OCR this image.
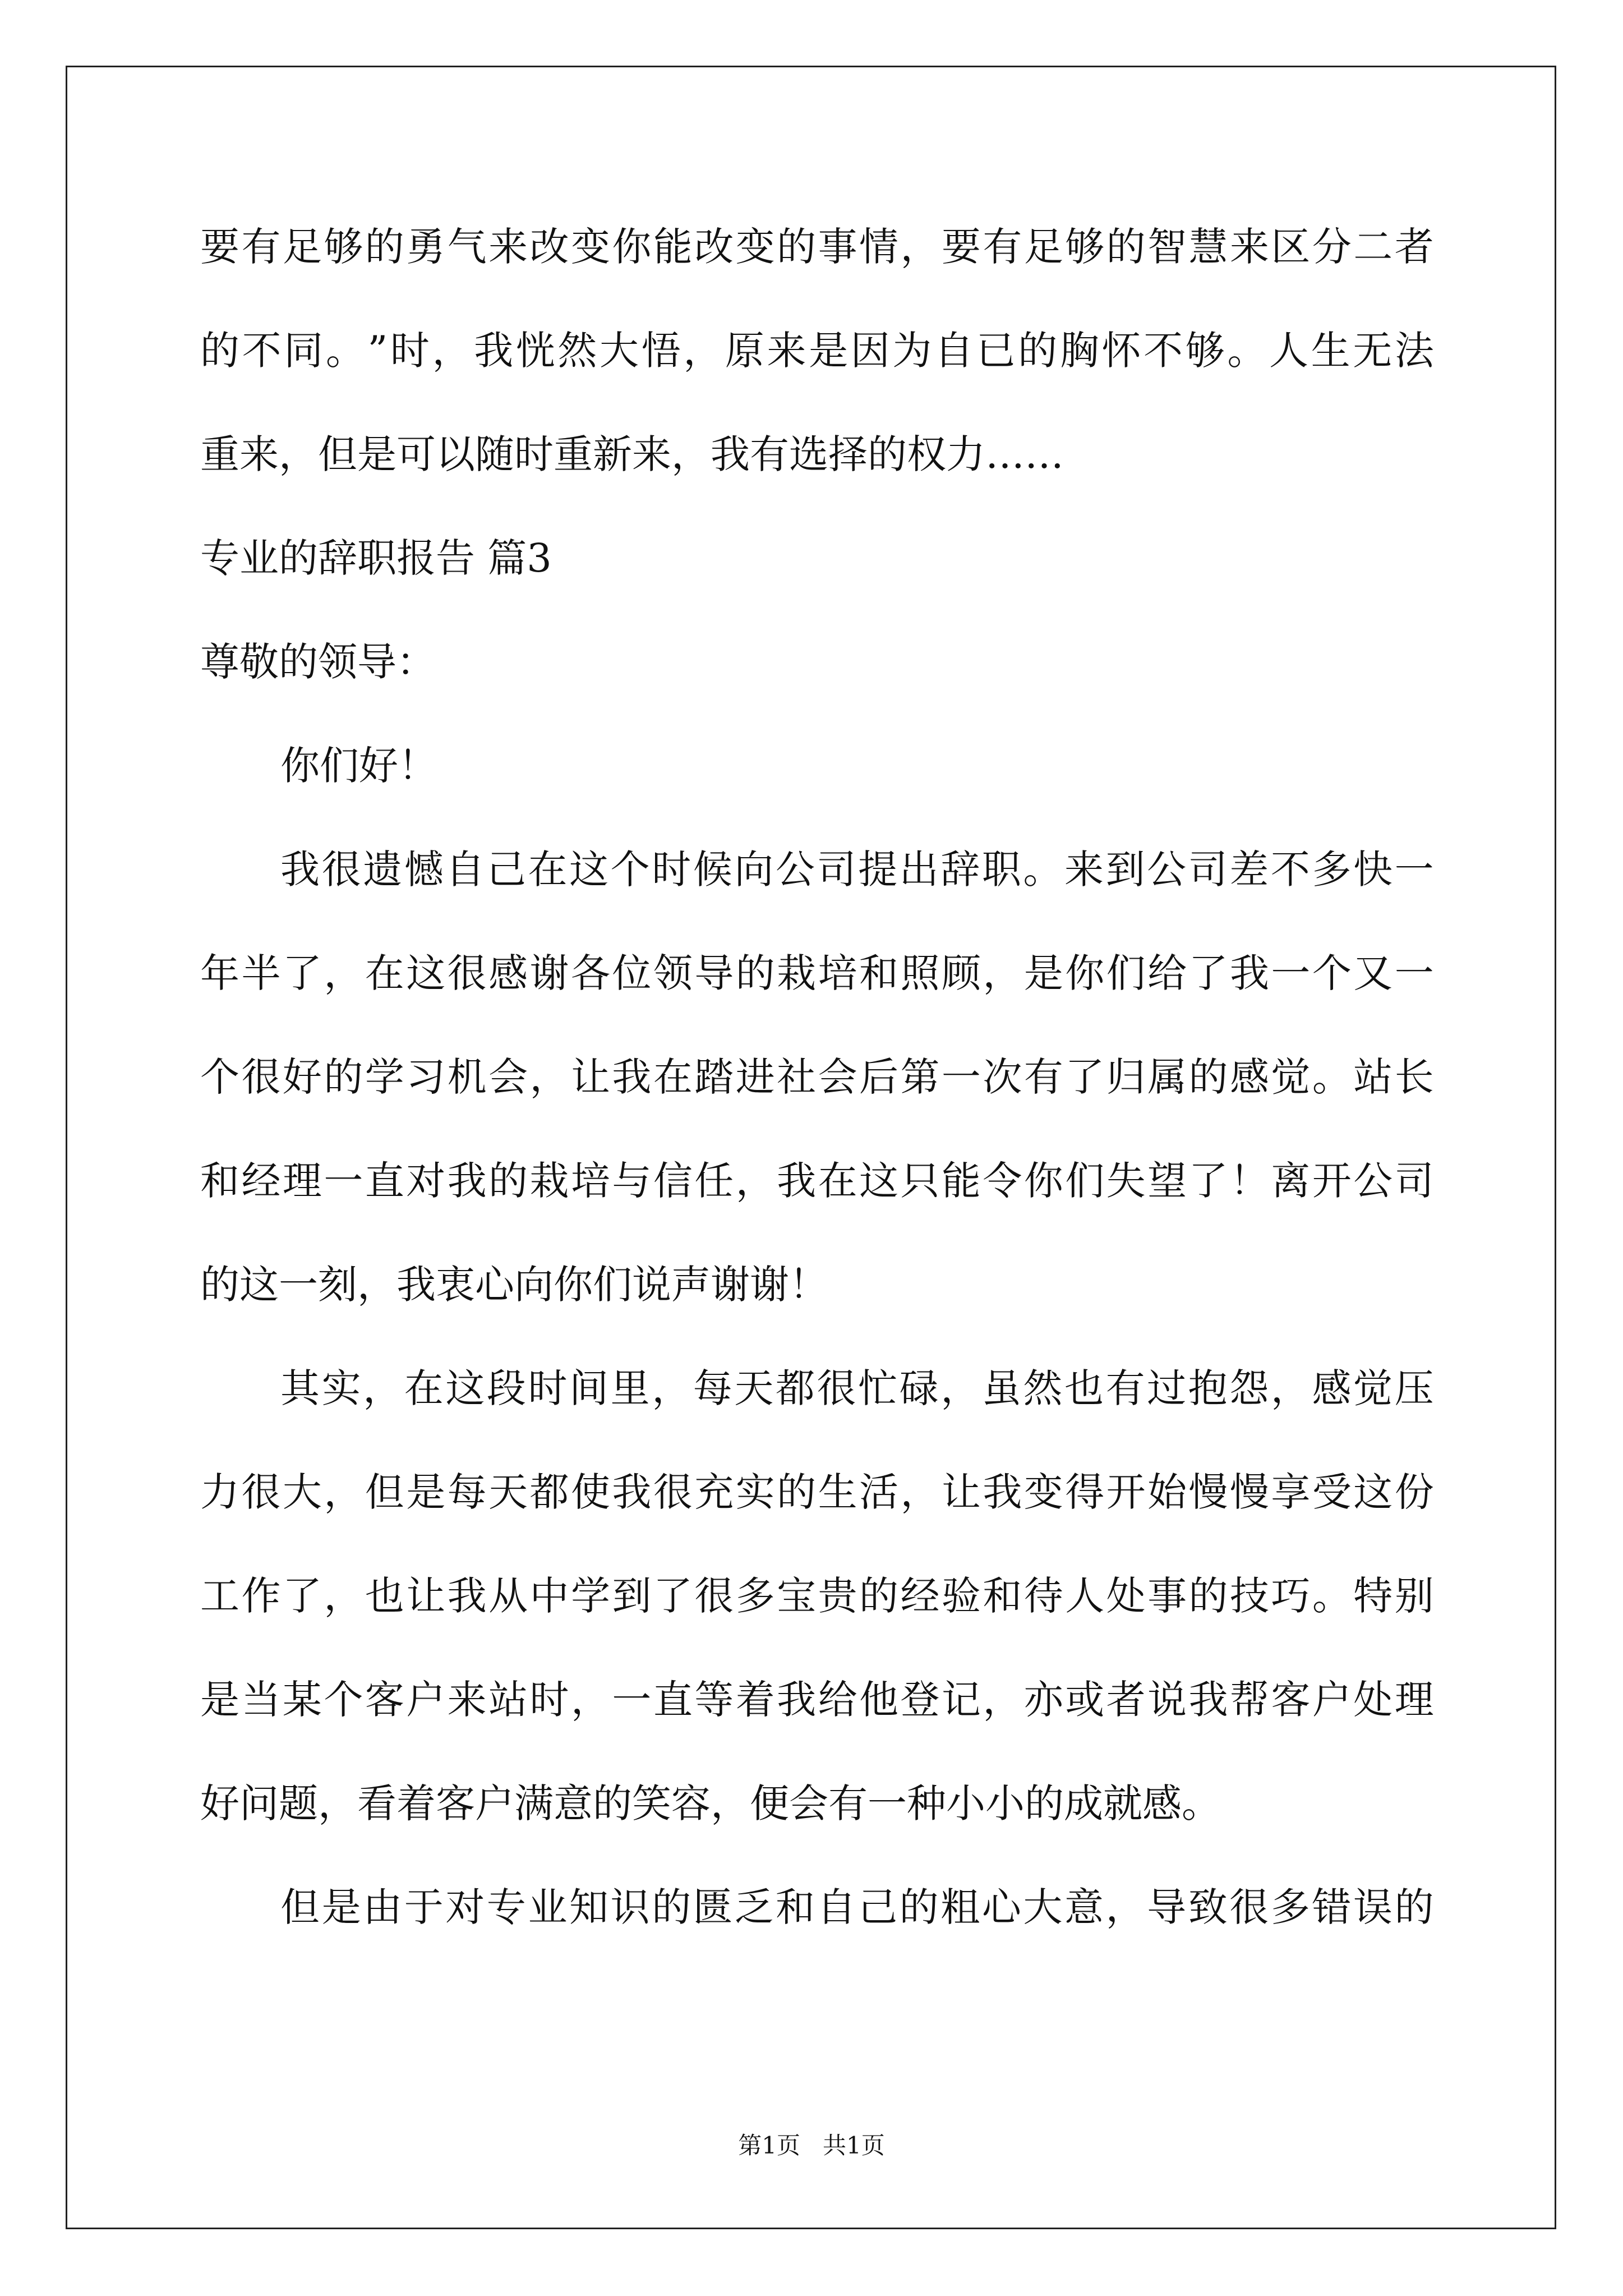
要 有 足 够 的 勇 气 来 改 变 你 能 改 变 的 事 情 ， 要 有 足 够 的 智 慧 来 区 分 二 者
的 不 同 。 ” 时 ， 我 恍 然 大 悟 ， 原 来 是 因 为 自 已 的 胸 怀 不 够 。 人 生 无 法
重来，但是可以随时重新来，我有选择的权力……
专业的辞职报告 篇3
尊敬的领导：
你们好！
我 很 遗 憾 自 己 在 这 个 时 候 向 公 司 提 出 辞 职 。 来 到 公 司 差 不 多 快 一
年 半 了 ， 在 这 很 感 谢 各 位 领 导 的 栽 培 和 照 顾 ， 是 你 们 给 了 我 一 个 又 一
个 很 好 的 学 习 机 会 ， 让 我 在 踏 进 社 会 后 第 一 次 有 了 归 属 的 感 觉 。 站 长
和 经 理 一 直 对 我 的 栽 培 与 信 任 ， 我 在 这 只 能 令 你 们 失 望 了 ！ 离 开 公 司
的这一刻，我衷心向你们说声谢谢！
其 实 ， 在 这 段 时 间 里 ， 每 天 都 很 忙 碌 ， 虽 然 也 有 过 抱 怨 ， 感 觉 压
力 很 大 ， 但 是 每 天 都 使 我 很 充 实 的 生 活 ， 让 我 变 得 开 始 慢 慢 享 受 这 份
工 作 了 ， 也 让 我 从 中 学 到 了 很 多 宝 贵 的 经 验 和 待 人 处 事 的 技 巧 。 特 别
是 当 某 个 客 户 来 站 时 ， 一 直 等 着 我 给 他 登 记 ， 亦 或 者 说 我 帮 客 户 处 理
好问题，看着客户满意的笑容，便会有一种小小的成就感。
但 是 由 于 对 专 业 知 识 的 匮 乏 和 自 己 的 粗 心 大 意 ， 导 致 很 多 错 误 的
第1页   共1页
